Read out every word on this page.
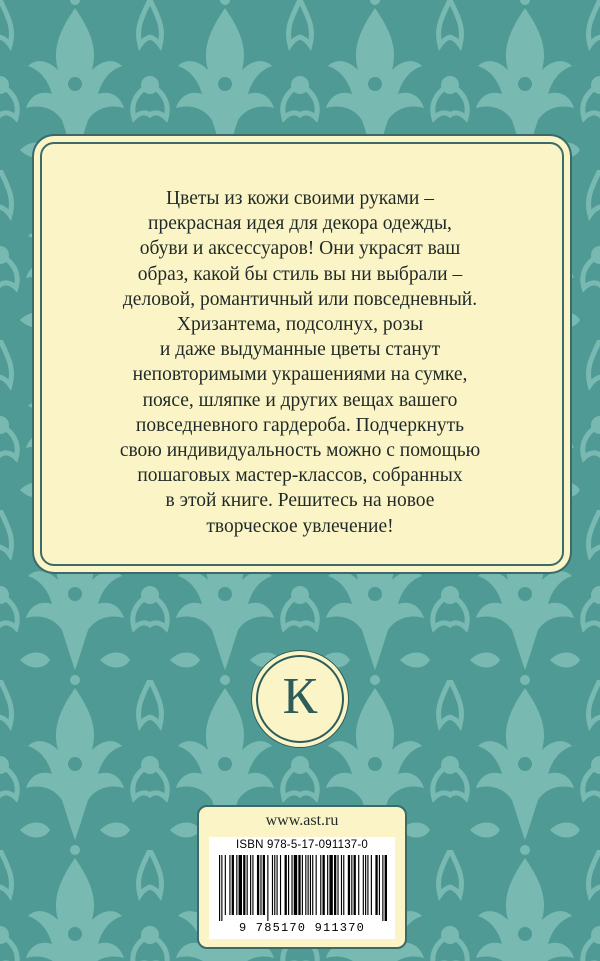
Цветы из кожи своими руками –
прекрасная идея для декора одежды,
обуви и аксессуаров! Они украсят ваш
образ, какой бы стиль вы ни выбрали –
деловой, романтичный или повседневный.
Хризантема, подсолнух, розы
и даже выдуманные цветы станут
неповторимыми украшениями на сумке,
поясе, шляпке и других вещах вашего
повседневного гардероба. Подчеркнуть
свою индивидуальность можно с помощью
пошаговых мастер-классов, собранных
в этой книге. Решитесь на новое
творческое увлечение!
К
www.ast.ru
ISBN 978-5-17-091137-0
9 785170 911370
